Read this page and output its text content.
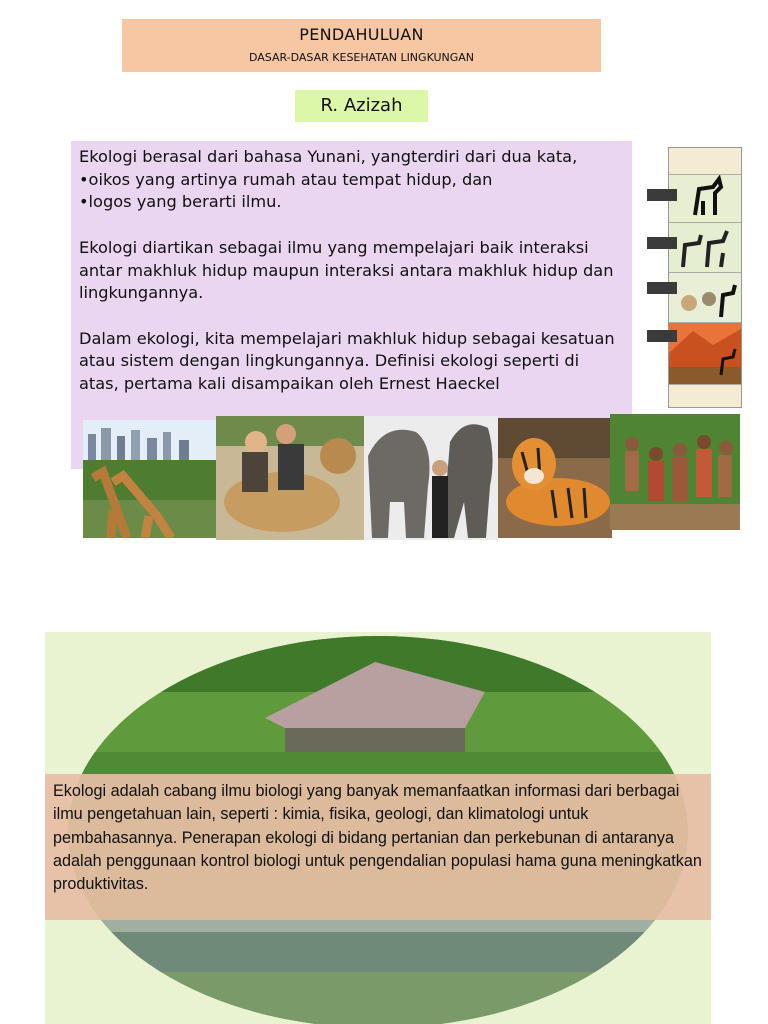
PENDAHULUAN
DASAR-DASAR KESEHATAN LINGKUNGAN
R. Azizah

Ekologi berasal dari bahasa Yunani, yangterdiri dari dua kata,
•oikos yang artinya rumah atau tempat hidup, dan
•logos yang berarti ilmu.

Ekologi diartikan sebagai ilmu yang mempelajari baik interaksi antar makhluk hidup maupun interaksi antara makhluk hidup dan lingkungannya.

Dalam ekologi, kita mempelajari makhluk hidup sebagai kesatuan atau sistem dengan lingkungannya. Definisi ekologi seperti di atas, pertama kali disampaikan oleh Ernest Haeckel

Ekologi adalah cabang ilmu biologi yang banyak memanfaatkan informasi dari berbagai ilmu pengetahuan lain, seperti : kimia, fisika, geologi, dan klimatologi untuk pembahasannya. Penerapan ekologi di bidang pertanian dan perkebunan di antaranya adalah penggunaan kontrol biologi untuk pengendalian populasi hama guna meningkatkan produktivitas.
